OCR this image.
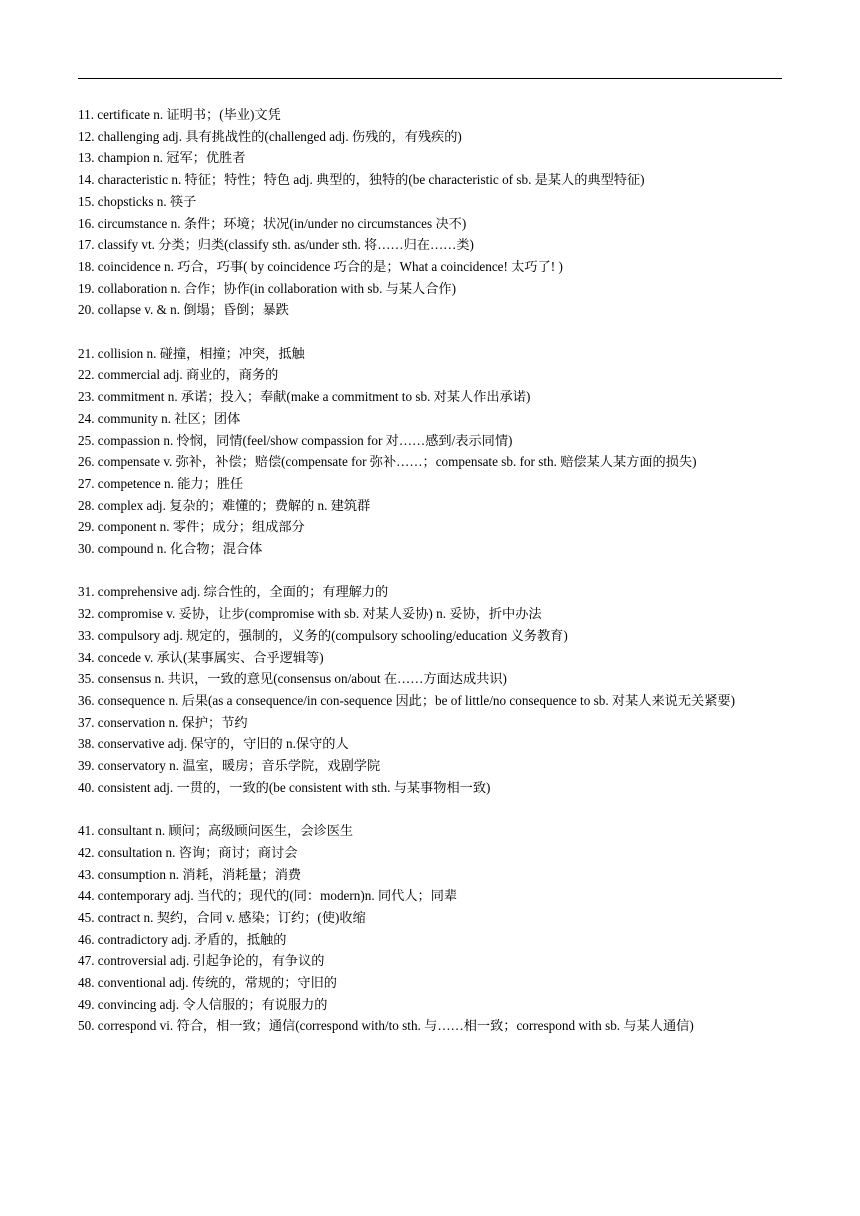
11. certificate n. 证明书；(毕业)文凭
12. challenging adj. 具有挑战性的(challenged adj. 伤残的，有残疾的)
13. champion n. 冠军；优胜者
14. characteristic n. 特征；特性；特色 adj. 典型的，独特的(be characteristic of sb. 是某人的典型特征)
15. chopsticks n. 筷子
16. circumstance n. 条件；环境；状况(in/under no circumstances 决不)
17. classify vt. 分类；归类(classify sth. as/under sth. 将……归在……类)
18. coincidence n. 巧合，巧事( by coincidence 巧合的是；What a coincidence! 太巧了! )
19. collaboration n. 合作；协作(in collaboration with sb. 与某人合作)
20. collapse v. & n. 倒塌；昏倒；暴跌
21. collision n. 碰撞，相撞；冲突，抵触
22. commercial adj. 商业的，商务的
23. commitment n. 承诺；投入；奉献(make a commitment to sb. 对某人作出承诺)
24. community n. 社区；团体
25. compassion n. 怜悯，同情(feel/show compassion for 对……感到/表示同情)
26. compensate v. 弥补，补偿；赔偿(compensate for 弥补……；compensate sb. for sth. 赔偿某人某方面的损失)
27. competence n. 能力；胜任
28. complex adj. 复杂的；难懂的；费解的 n. 建筑群
29. component n. 零件；成分；组成部分
30. compound n. 化合物；混合体
31. comprehensive adj. 综合性的，全面的；有理解力的
32. compromise v. 妥协，让步(compromise with sb. 对某人妥协) n. 妥协，折中办法
33. compulsory adj. 规定的，强制的，义务的(compulsory schooling/education 义务教育)
34. concede v. 承认(某事属实、合乎逻辑等)
35. consensus n. 共识，一致的意见(consensus on/about 在……方面达成共识)
36. consequence n. 后果(as a consequence/in con-sequence 因此；be of little/no consequence to sb. 对某人来说无关紧要)
37. conservation n. 保护；节约
38. conservative adj. 保守的，守旧的 n.保守的人
39. conservatory n. 温室，暖房；音乐学院，戏剧学院
40. consistent adj. 一贯的，一致的(be consistent with sth. 与某事物相一致)
41. consultant n. 顾问；高级顾问医生，会诊医生
42. consultation n. 咨询；商讨；商讨会
43. consumption n. 消耗，消耗量；消费
44. contemporary adj. 当代的；现代的(同：modern)n. 同代人；同辈
45. contract n. 契约，合同 v. 感染；订约；(使)收缩
46. contradictory adj. 矛盾的，抵触的
47. controversial adj. 引起争论的，有争议的
48. conventional adj. 传统的，常规的；守旧的
49. convincing adj. 令人信服的；有说服力的
50. correspond vi. 符合，相一致；通信(correspond with/to sth. 与……相一致；correspond with sb. 与某人通信)
